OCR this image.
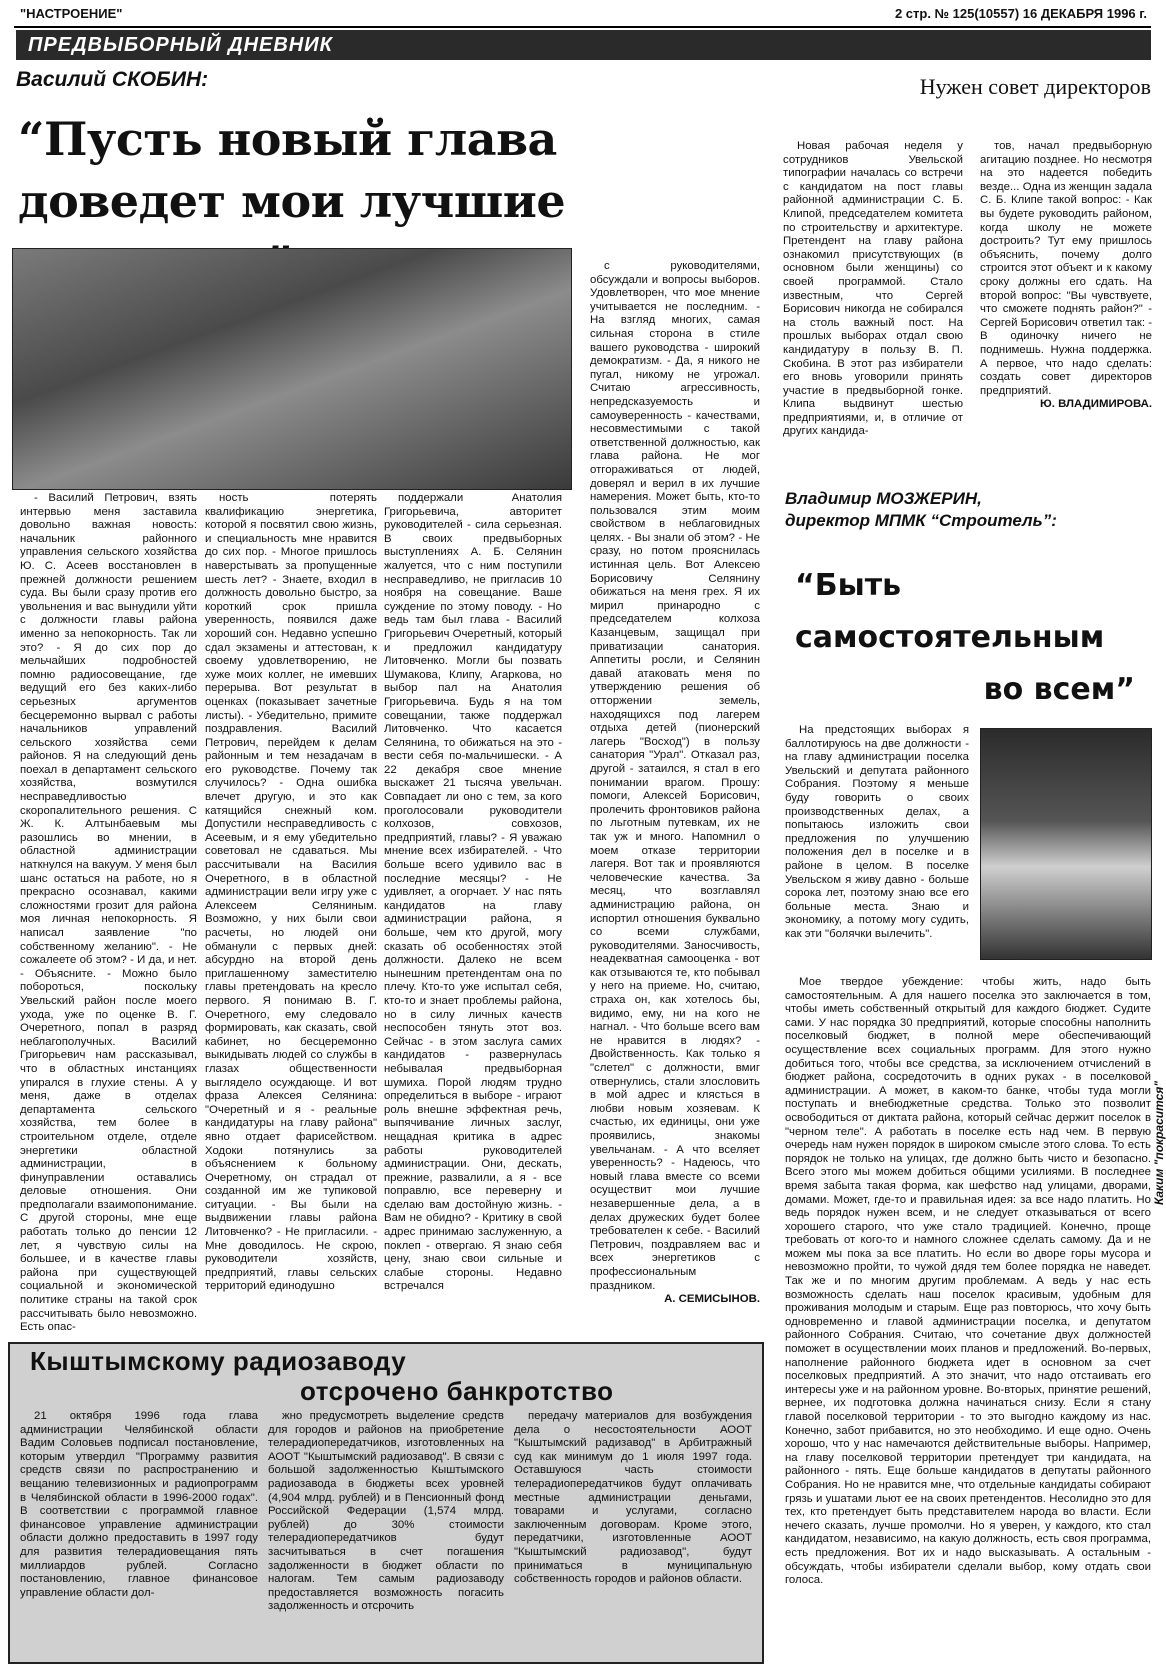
"НАСТРОЕНИЕ"	2 стр. № 125(10557) 16 ДЕКАБРЯ 1996 г.
ПРЕДВЫБОРНЫЙ ДНЕВНИК
Василий СКОБИН:
“Пусть новый глава
доведет мои лучшие

- Василий Петрович, взять интервью меня заставила довольно важная новость: начальник районного управления сельского хозяйства Ю. С. Асеев восстановлен в прежней должности решением суда. Вы были сразу против его увольнения и вас вынудили уйти с должности главы района именно за непокорность. Так ли это? - Я до сих пор до мельчайших подробностей помню радиосовещание, где ведущий его без каких-либо серьезных аргументов бесцеремонно вырвал с работы начальников управлений сельского хозяйства семи районов. Я на следующий день поехал в департамент сельского хозяйства, возмутился несправедливостью скоропалительного решения. С Ж. К. Алтынбаевым мы разошлись во мнении, в областной администрации наткнулся на вакуум. У меня был шанс остаться на работе, но я прекрасно осознавал, какими сложностями грозит для района моя личная непокорность. Я написал заявление "по собственному желанию". - Не сожалеете об этом? - И да, и нет. - Объясните. - Можно было побороться, поскольку Увельский район после моего ухода, уже по оценке В. Г. Очеретного, попал в разряд неблагополучных. Василий Григорьевич нам рассказывал, что в областных инстанциях упирался в глухие стены. А у меня, даже в отделах департамента сельского хозяйства, тем более в строительном отделе, отделе энергетики областной администрации, в финуправлении оставались деловые отношения. Они предполагали взаимопонимание. С другой стороны, мне еще работать только до пенсии 12 лет, я чувствую силы на большее, и в качестве главы района при существующей социальной и экономической политике страны на такой срок рассчитывать было невозможно. Есть опас-

ность потерять квалификацию энергетика, которой я посвятил свою жизнь, и специальность мне нравится до сих пор. - Многое пришлось наверстывать за пропущенные шесть лет? - Знаете, входил в должность довольно быстро, за короткий срок пришла уверенность, появился даже хороший сон. Недавно успешно сдал экзамены и аттестован, к своему удовлетворению, не хуже моих коллег, не имевших перерыва. Вот результат в оценках (показывает зачетные листы). - Убедительно, примите поздравления. Василий Петрович, перейдем к делам районным и тем незадачам в его руководстве. Почему так случилось? - Одна ошибка влечет другую, и это как катящийся снежный ком. Допустили несправедливость с Асеевым, и я ему убедительно советовал не сдаваться. Мы рассчитывали на Василия Очеретного, в в областной администрации вели игру уже с Алексеем Селяниным. Возможно, у них были свои расчеты, но людей они обманули с первых дней: абсурдно на второй день приглашенному заместителю главы претендовать на кресло первого. Я понимаю В. Г. Очеретного, ему следовало формировать, как сказать, свой кабинет, но бесцеремонно выкидывать людей со службы в глазах общественности выглядело осуждающе. И вот фраза Алексея Селянина: "Очеретный и я - реальные кандидатуры на главу района" явно отдает фарисейством. Ходоки потянулись за объяснением к больному Очеретному, он страдал от созданной им же тупиковой ситуации. - Вы были на выдвижении главы района Литовченко? - Не пригласили. - Мне доводилось. Не скрою, руководители хозяйств, предприятий, главы сельских территорий единодушно

поддержали Анатолия Григорьевича, авторитет руководителей - сила серьезная. В своих предвыборных выступлениях А. Б. Селянин жалуется, что с ним поступили несправедливо, не пригласив 10 ноября на совещание. Ваше суждение по этому поводу. - Но ведь там был глава - Василий Григорьевич Очеретный, который и предложил кандидатуру Литовченко. Могли бы позвать Шумакова, Клипу, Агаркова, но выбор пал на Анатолия Григорьевича. Будь я на том совещании, также поддержал Литовченко. Что касается Селянина, то обижаться на это - вести себя по-мальчишески. - А 22 декабря свое мнение выскажет 21 тысяча увельчан. Совпадает ли оно с тем, за кого проголосовали руководители колхозов, совхозов, предприятий, главы? - Я уважаю мнение всех избирателей. - Что больше всего удивило вас в последние месяцы? - Не удивляет, а огорчает. У нас пять кандидатов на главу администрации района, я больше, чем кто другой, могу сказать об особенностях этой должности. Далеко не всем нынешним претендентам она по плечу. Кто-то уже испытал себя, кто-то и знает проблемы района, но в силу личных качеств неспособен тянуть этот воз. Сейчас - в этом заслуга самих кандидатов - развернулась небывалая предвыборная шумиха. Порой людям трудно определиться в выборе - играют роль внешне эффектная речь, выпячивание личных заслуг, нещадная критика в адрес работы руководителей администрации. Они, дескать, прежние, развалили, а я - все поправлю, все переверну и сделаю вам достойную жизнь. - Вам не обидно? - Критику в свой адрес принимаю заслуженную, а поклеп - отвергаю. Я знаю себя цену, знаю свои сильные и слабые стороны. Недавно встречался

с руководителями, обсуждали и вопросы выборов. Удовлетворен, что мое мнение учитывается не последним. - На взгляд многих, самая сильная сторона в стиле вашего руководства - широкий демократизм. - Да, я никого не пугал, никому не угрожал. Считаю агрессивность, непредсказуемость и самоуверенность - качествами, несовместимыми с такой ответственной должностью, как глава района. Не мог отгораживаться от людей, доверял и верил в их лучшие намерения. Может быть, кто-то пользовался этим моим свойством в неблаговидных целях. - Вы знали об этом? - Не сразу, но потом прояснилась истинная цель. Вот Алексею Борисовичу Селянину обижаться на меня грех. Я их мирил принародно с председателем колхоза Казанцевым, защищал при приватизации санатория. Аппетиты росли, и Селянин давай атаковать меня по утверждению решения об отторжении земель, находящихся под лагерем отдыха детей (пионерский лагерь "Восход") в пользу санатория "Урал". Отказал раз, другой - затаился, я стал в его понимании врагом. Прошу: помоги, Алексей Борисович, пролечить фронтовиков района по льготным путевкам, их не так уж и много. Напомнил о моем отказе территории лагеря. Вот так и проявляются человеческие качества. За месяц, что возглавлял администрацию района, он испортил отношения буквально со всеми службами, руководителями. Заносчивость, неадекватная самооценка - вот как отзываются те, кто побывал у него на приеме. Но, считаю, страха он, как хотелось бы, видимо, ему, ни на кого не нагнал. - Что больше всего вам не нравится в людях? - Двойственность. Как только я "слетел" с должности, вмиг отвернулись, стали злословить в мой адрес и клясться в любви новым хозяевам. К счастью, их единицы, они уже проявились, знакомы увельчанам. - А что вселяет уверенность? - Надеюсь, что новый глава вместе со всеми осуществит мои лучшие незавершенные дела, а в делах дружеских будет более требователен к себе. - Василий Петрович, поздравляем вас и всех энергетиков с профессиональным праздником.

А. СЕМИСЫНОВ.
Нужен совет директоров

Новая рабочая неделя у сотрудников Увельской типографии началась со встречи с кандидатом на пост главы районной администрации С. Б. Клипой, председателем комитета по строительству и архитектуре. Претендент на главу района ознакомил присутствующих (в основном были женщины) со своей программой. Стало известным, что Сергей Борисович никогда не собирался на столь важный пост. На прошлых выборах отдал свою кандидатуру в пользу В. П. Скобина. В этот раз избиратели его вновь уговорили принять участие в предвыборной гонке. Клипа выдвинут шестью предприятиями, и, в отличие от других кандида-

тов, начал предвыборную агитацию позднее. Но несмотря на это надеется победить везде... Одна из женщин задала С. Б. Клипе такой вопрос: - Как вы будете руководить районом, когда школу не можете достроить? Тут ему пришлось объяснить, почему долго строится этот объект и к какому сроку должны его сдать. На второй вопрос: "Вы чувствуете, что сможете поднять район?" - Сергей Борисович ответил так: - В одиночку ничего не поднимешь. Нужна поддержка. А первое, что надо сделать: создать совет директоров предприятий.

Ю. ВЛАДИМИРОВА.
Владимир МОЗЖЕРИН,
директор МПМК “Строитель”:
“Быть
самостоятельным
во всем”

На предстоящих выборах я баллотируюсь на две должности - на главу администрации поселка Увельский и депутата районного Собрания. Поэтому я меньше буду говорить о своих производственных делах, а попытаюсь изложить свои предложения по улучшению положения дел в поселке и в районе в целом. В поселке Увельском я живу давно - больше сорока лет, поэтому знаю все его больные места. Знаю и экономику, а потому могу судить, как эти "болячки вылечить".

Мое твердое убеждение: чтобы жить, надо быть самостоятельным. А для нашего поселка это заключается в том, чтобы иметь собственный открытый для каждого бюджет. Судите сами. У нас порядка 30 предприятий, которые способны наполнить поселковый бюджет, в полной мере обеспечивающий осуществление всех социальных программ. Для этого нужно добиться того, чтобы все средства, за исключением отчислений в бюджет района, сосредоточить в одних руках - в поселковой администрации. А может, в каком-то банке, чтобы туда могли поступать и внебюджетные средства. Только это позволит освободиться от диктата района, который сейчас держит поселок в "черном теле". А работать в поселке есть над чем. В первую очередь нам нужен порядок в широком смысле этого слова. То есть порядок не только на улицах, где должно быть чисто и безопасно. Всего этого мы можем добиться общими усилиями. В последнее время забыта такая форма, как шефство над улицами, дворами, домами. Может, где-то и правильная идея: за все надо платить. Но ведь порядок нужен всем, и не следует отказываться от всего хорошего старого, что уже стало традицией. Конечно, проще требовать от кого-то и намного сложнее сделать самому. Да и не можем мы пока за все платить. Но если во дворе горы мусора и невозможно пройти, то чужой дядя тем более порядка не наведет. Так же и по многим другим проблемам. А ведь у нас есть возможность сделать наш поселок красивым, удобным для проживания молодым и старым. Еще раз повторюсь, что хочу быть одновременно и главой администрации поселка, и депутатом районного Собрания. Считаю, что сочетание двух должностей поможет в осуществлении моих планов и предложений. Во-первых, наполнение районного бюджета идет в основном за счет поселковых предприятий. А это значит, что надо отстаивать его интересы уже и на районном уровне. Во-вторых, принятие решений, вернее, их подготовка должна начинаться снизу. Если я стану главой поселковой территории - то это выгодно каждому из нас. Конечно, забот прибавится, но это необходимо. И еще одно. Очень хорошо, что у нас намечаются действительные выборы. Например, на главу поселковой территории претендует три кандидата, на районного - пять. Еще больше кандидатов в депутаты районного Собрания. Но не нравится мне, что отдельные кандидаты собирают грязь и ушатами льют ее на своих претендентов. Несолидно это для тех, кто претендует быть представителем народа во власти. Если нечего сказать, лучше промолчи. Но я уверен, у каждого, кто стал кандидатом, независимо, на какую должность, есть своя программа, есть предложения. Вот их и надо высказывать. А остальным - обсуждать, чтобы избиратели сделали выбор, кому отдать свои голоса.

Каким "покрасится"
Кыштымскому радиозаводу
отсрочено банкротство

21 октября 1996 года глава администрации Челябинской области Вадим Соловьев подписал постановление, которым утвердил "Программу развития средств связи по распространению и вещанию телевизионных и радиопрограмм в Челябинской области в 1996-2000 годах". В соответствии с программой главное финансовое управление администрации области должно предоставить в 1997 году для развития телерадиовещания пять миллиардов рублей. Согласно постановлению, главное финансовое управление области дол-

жно предусмотреть выделение средств для городов и районов на приобретение телерадиопередатчиков, изготовленных на АООТ "Кыштымский радиозавод". В связи с большой задолженностью Кыштымского радиозавода в бюджеты всех уровней (4,904 млрд. рублей) и в Пенсионный фонд Российской Федерации (1,574 млрд. рублей) до 30% стоимости телерадиопередатчиков будут засчитываться в счет погашения задолженности в бюджет области по налогам. Тем самым радиозаводу предоставляется возможность погасить задолженность и отсрочить

передачу материалов для возбуждения дела о несостоятельности АООТ "Кыштымский радизавод" в Арбитражный суд как минимум до 1 июля 1997 года. Оставшуюся часть стоимости телерадиопередатчиков будут оплачивать местные администрации деньгами, товарами и услугами, согласно заключенным договорам. Кроме этого, передатчики, изготовленные АООТ "Кыштымский радиозавод", будут приниматься в муниципальную собственность городов и районов области.
